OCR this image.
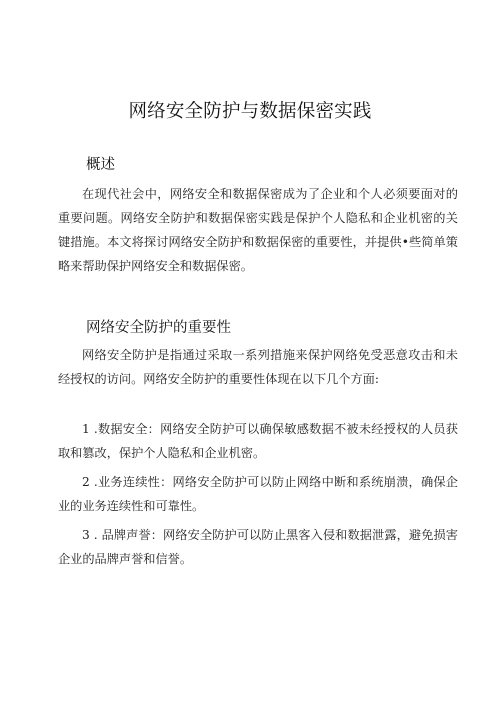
网络安全防护与数据保密实践
概述
在现代社会中，网络安全和数据保密成为了企业和个人必须要面对的重要问题。网络安全防护和数据保密实践是保护个人隐私和企业机密的关键措施。本文将探讨网络安全防护和数据保密的重要性，并提供•些简单策略来帮助保护网络安全和数据保密。
网络安全防护的重要性
网络安全防护是指通过采取一系列措施来保护网络免受恶意攻击和未经授权的访问。网络安全防护的重要性体现在以下几个方面:
1 .数据安全：网络安全防护可以确保敏感数据不被未经授权的人员获取和篡改，保护个人隐私和企业机密。
2 .业务连续性：网络安全防护可以防止网络中断和系统崩溃，确保企业的业务连续性和可靠性。
3 . 品牌声誉：网络安全防护可以防止黑客入侵和数据泄露，避免损害企业的品牌声誉和信誉。
